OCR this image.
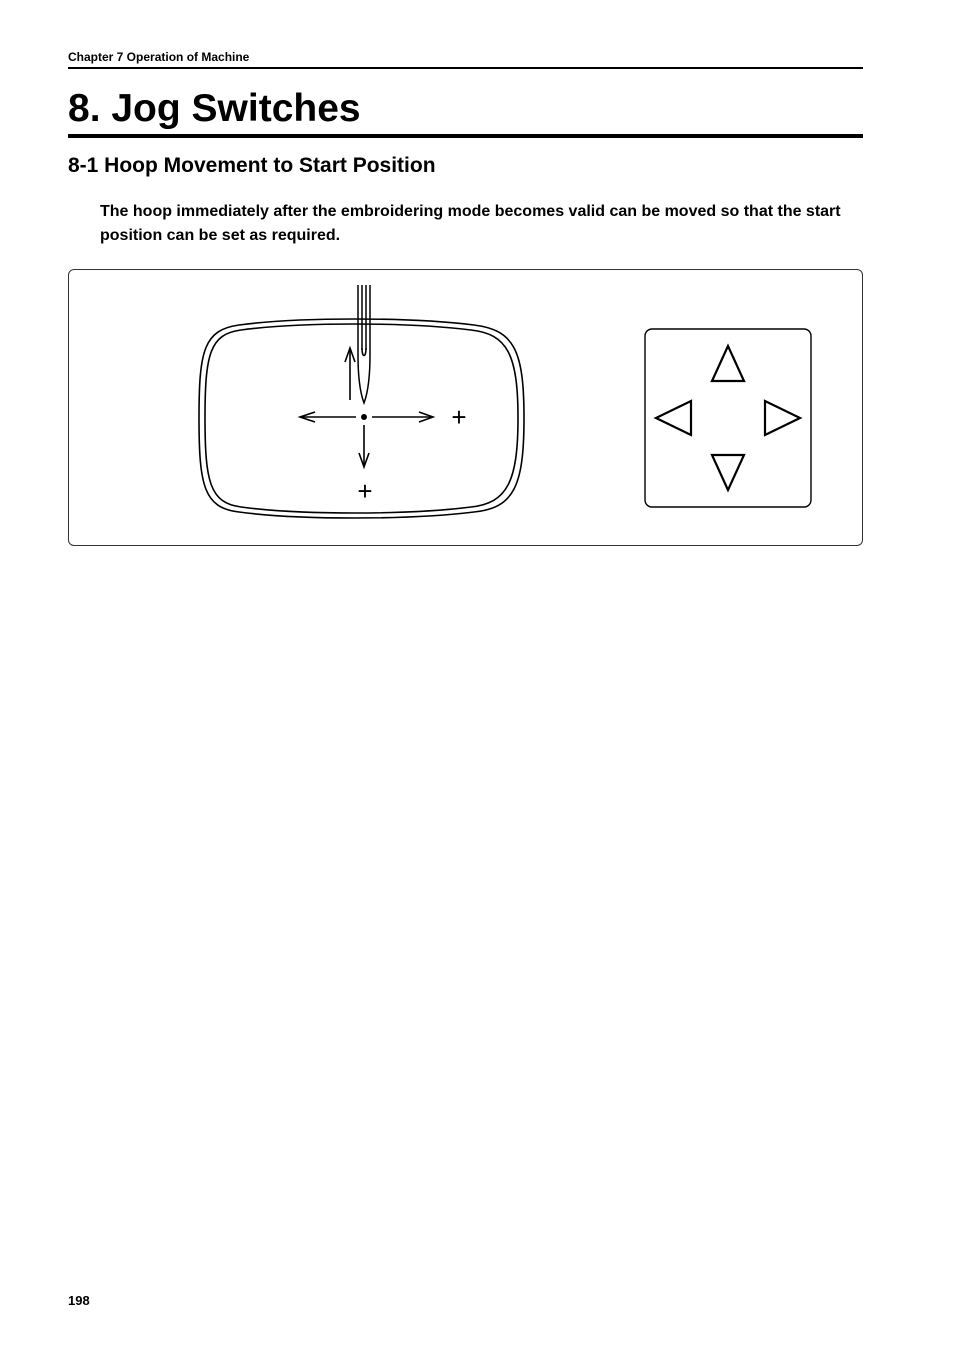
Chapter 7 Operation of Machine
8. Jog Switches
8-1 Hoop Movement to Start Position

The hoop immediately after the embroidering mode becomes valid can be moved so that the start position can be set as required.

+
+
198
